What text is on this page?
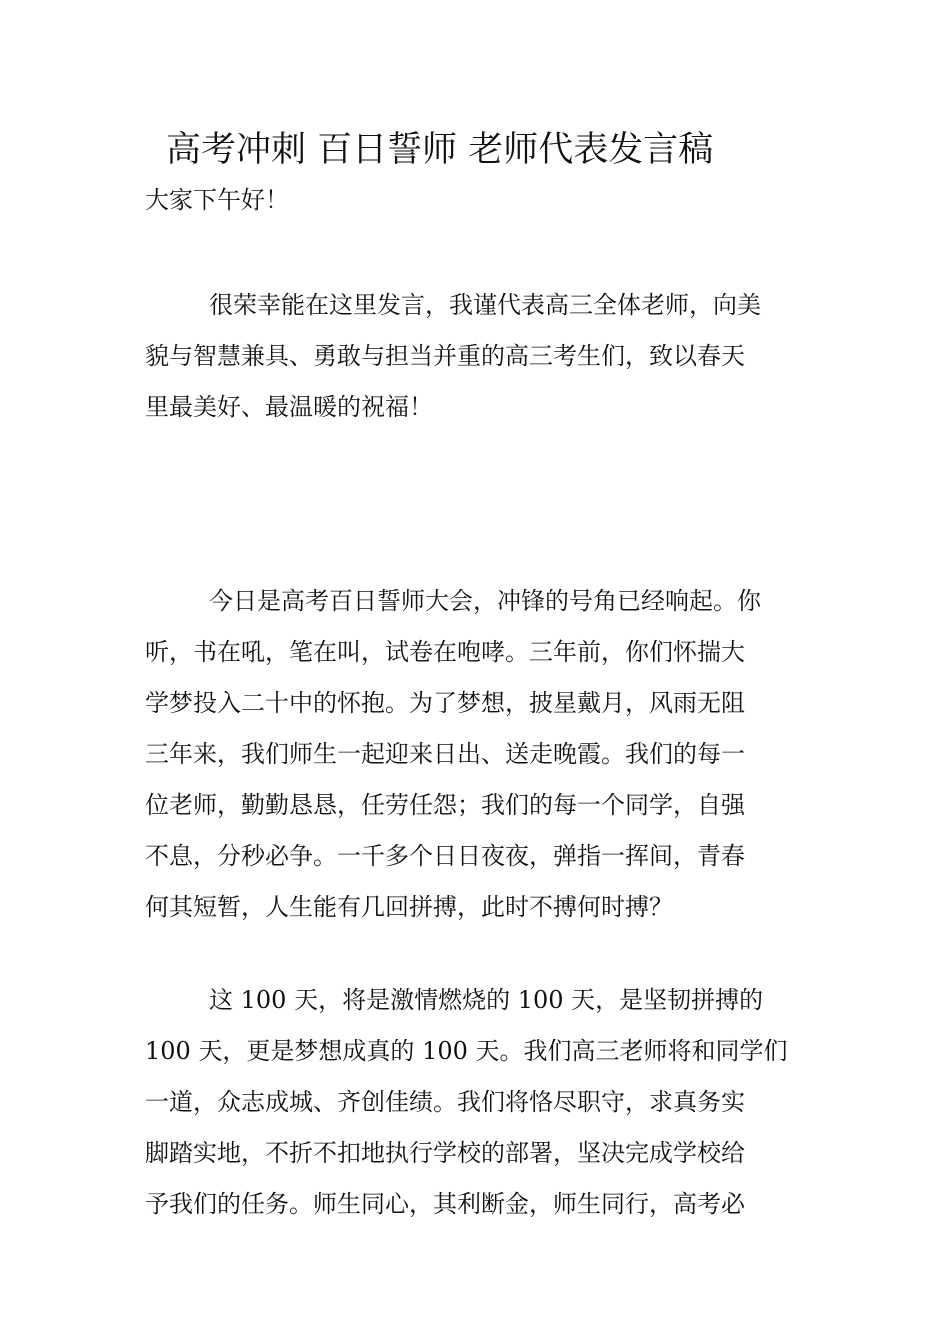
高考冲刺 百日誓师 老师代表发言稿
大家下午好！
很荣幸能在这里发言，我谨代表高三全体老师，向美
貌与智慧兼具、勇敢与担当并重的高三考生们，致以春天
里最美好、最温暖的祝福！
今日是高考百日誓师大会，冲锋的号角已经响起。你
听，书在吼，笔在叫，试卷在咆哮。三年前，你们怀揣大
学梦投入二十中的怀抱。为了梦想，披星戴月，风雨无阻
三年来，我们师生一起迎来日出、送走晚霞。我们的每一
位老师，勤勤恳恳，任劳任怨；我们的每一个同学，自强
不息，分秒必争。一千多个日日夜夜，弹指一挥间，青春
何其短暂，人生能有几回拼搏，此时不搏何时搏？
这 100 天，将是激情燃烧的 100 天，是坚韧拼搏的
100 天，更是梦想成真的 100 天。我们高三老师将和同学们
一道，众志成城、齐创佳绩。我们将恪尽职守，求真务实
脚踏实地，不折不扣地执行学校的部署，坚决完成学校给
予我们的任务。师生同心，其利断金，师生同行，高考必
